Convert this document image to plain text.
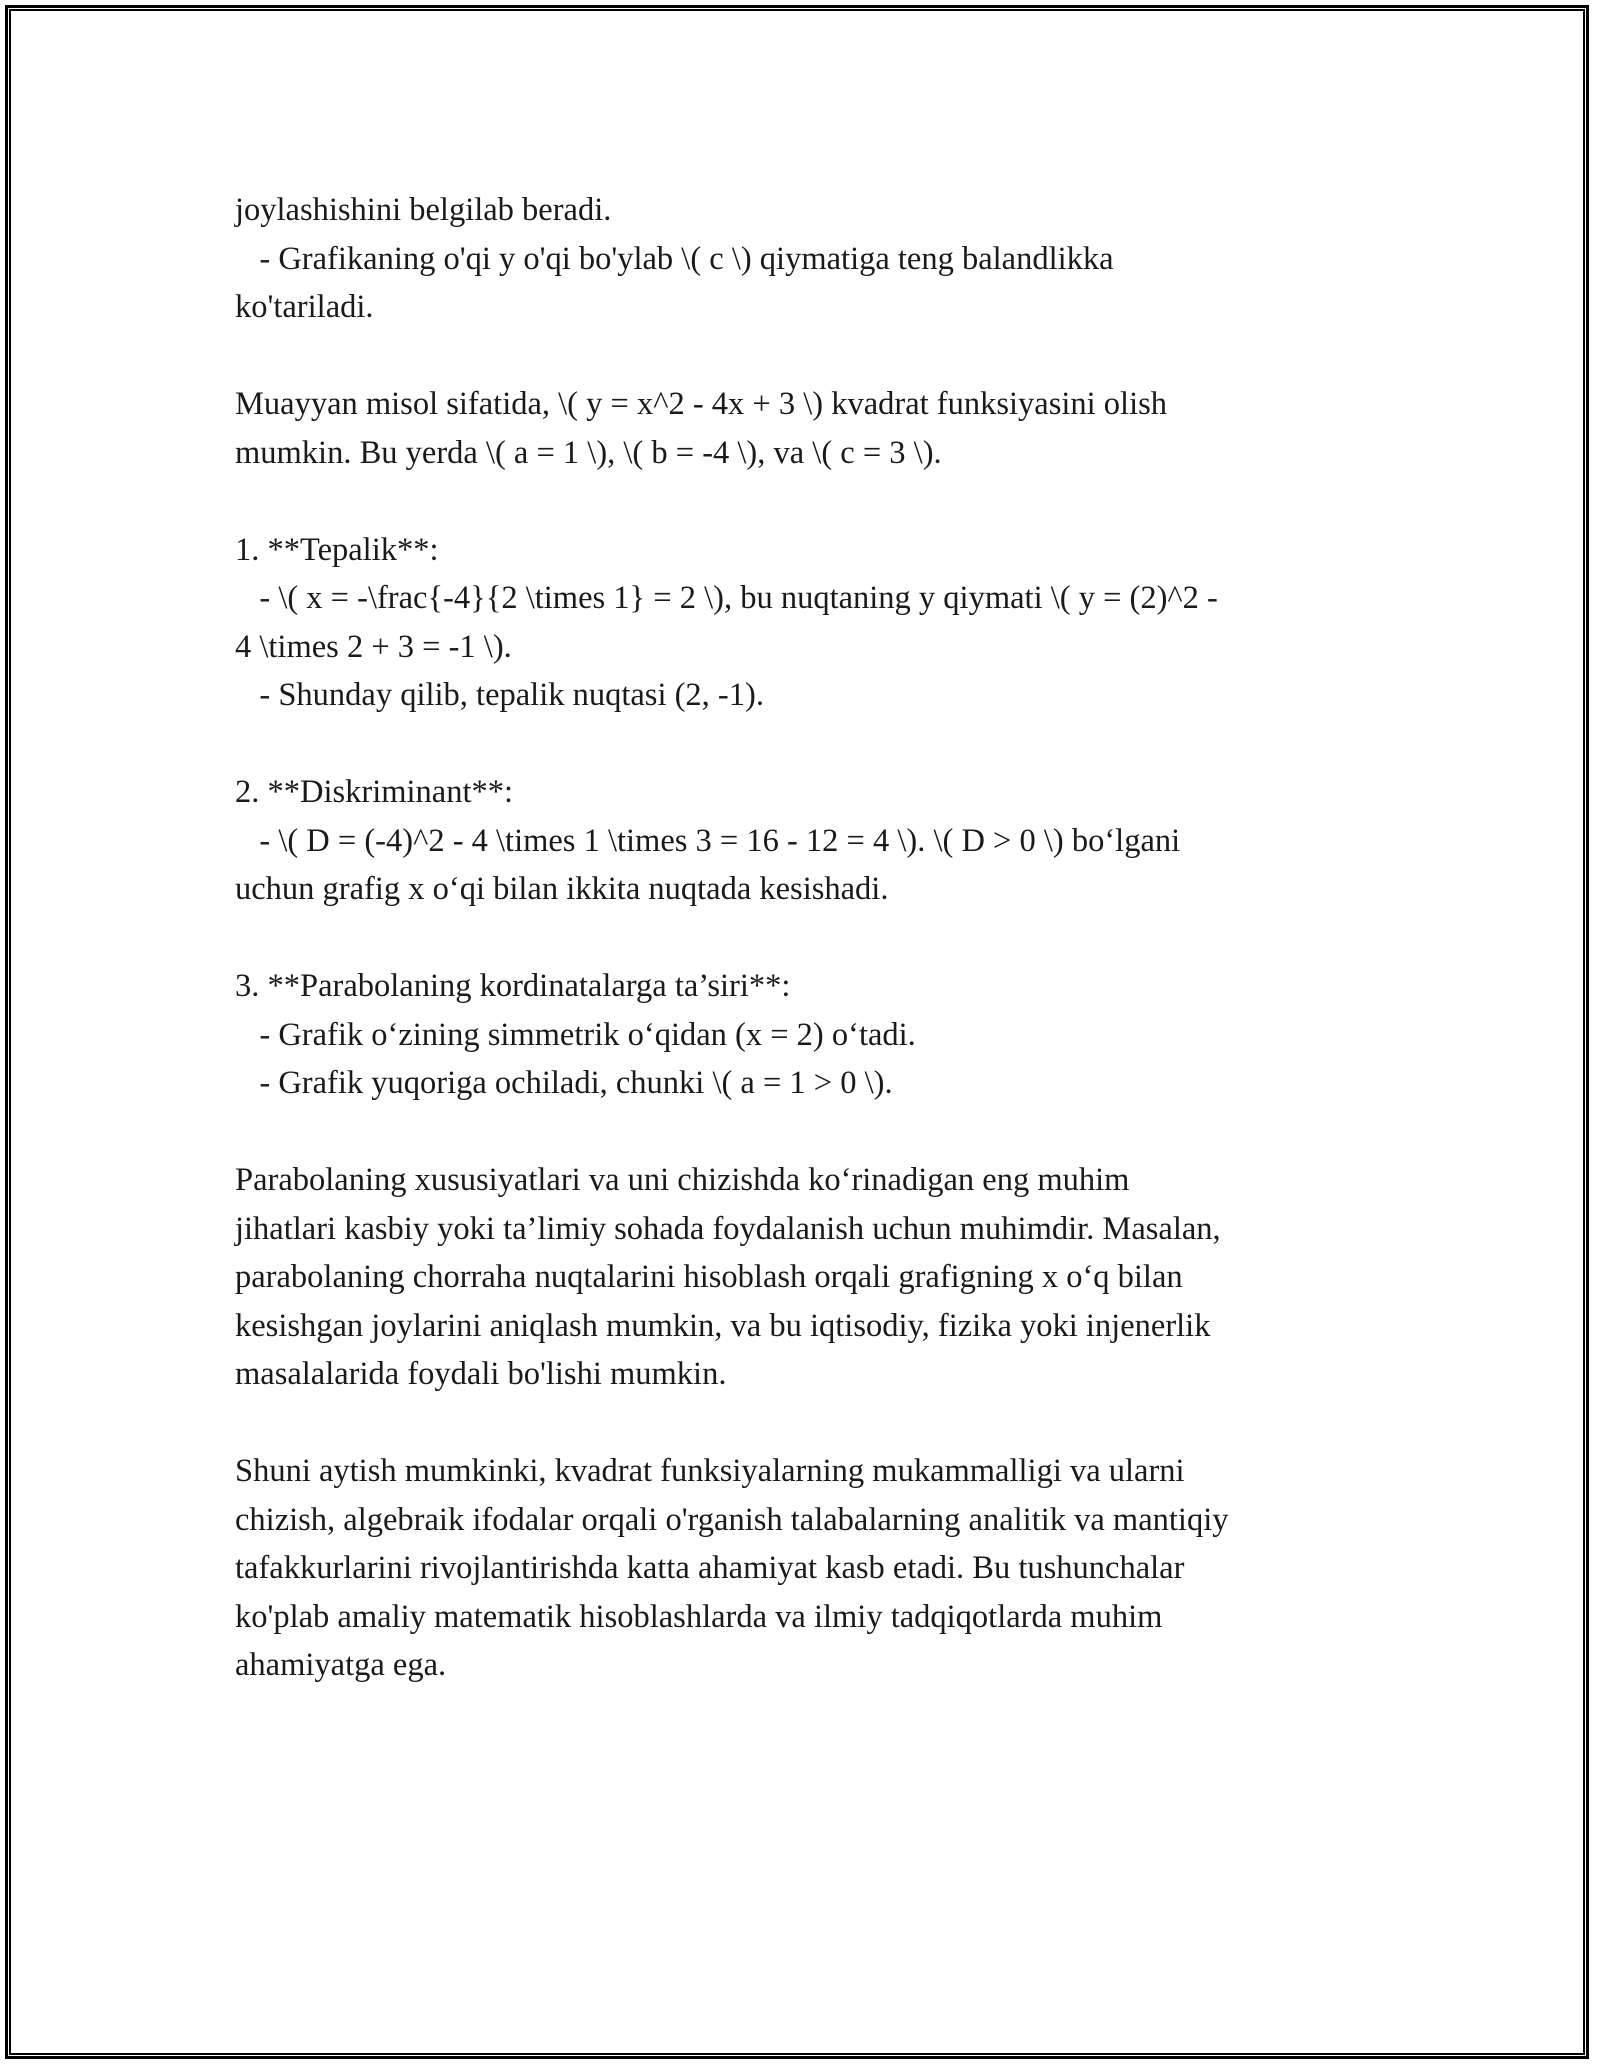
joylashishini belgilab beradi.
- Grafikaning o'qi y o'qi bo'ylab \( c \) qiymatiga teng balandlikka
ko'tariladi.
Muayyan misol sifatida, \( y = x^2 - 4x + 3 \) kvadrat funksiyasini olish
mumkin. Bu yerda \( a = 1 \), \( b = -4 \), va \( c = 3 \).
1. **Tepalik**:
- \( x = -\frac{-4}{2 \times 1} = 2 \), bu nuqtaning y qiymati \( y = (2)^2 -
4 \times 2 + 3 = -1 \).
- Shunday qilib, tepalik nuqtasi (2, -1).
2. **Diskriminant**:
- \( D = (-4)^2 - 4 \times 1 \times 3 = 16 - 12 = 4 \). \( D > 0 \) bo‘lgani
uchun grafig x o‘qi bilan ikkita nuqtada kesishadi.
3. **Parabolaning kordinatalarga ta’siri**:
- Grafik o‘zining simmetrik o‘qidan (x = 2) o‘tadi.
- Grafik yuqoriga ochiladi, chunki \( a = 1 > 0 \).
Parabolaning xususiyatlari va uni chizishda ko‘rinadigan eng muhim
jihatlari kasbiy yoki ta’limiy sohada foydalanish uchun muhimdir. Masalan,
parabolaning chorraha nuqtalarini hisoblash orqali grafigning x o‘q bilan
kesishgan joylarini aniqlash mumkin, va bu iqtisodiy, fizika yoki injenerlik
masalalarida foydali bo'lishi mumkin.
Shuni aytish mumkinki, kvadrat funksiyalarning mukammalligi va ularni
chizish, algebraik ifodalar orqali o'rganish talabalarning analitik va mantiqiy
tafakkurlarini rivojlantirishda katta ahamiyat kasb etadi. Bu tushunchalar
ko'plab amaliy matematik hisoblashlarda va ilmiy tadqiqotlarda muhim
ahamiyatga ega.
